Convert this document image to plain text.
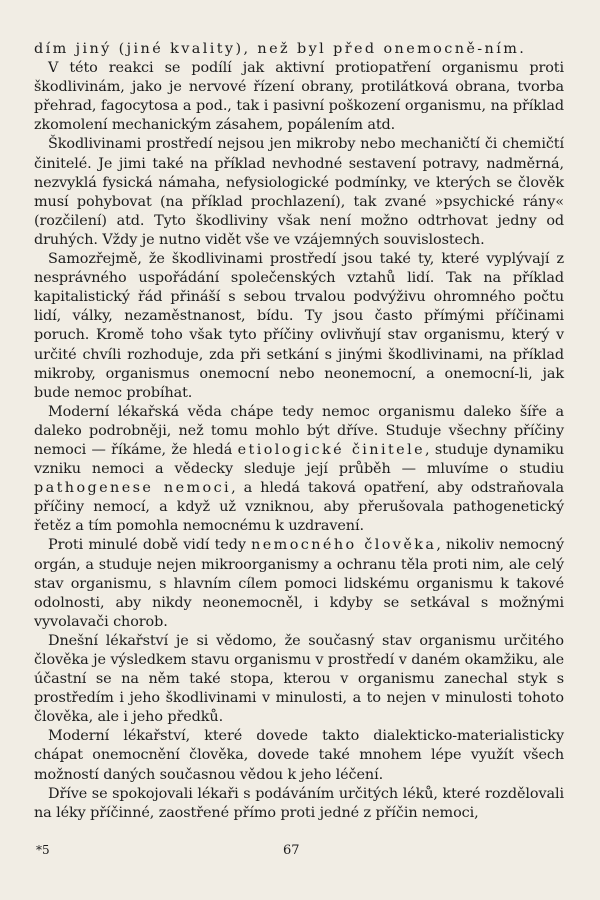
dím jiný (jiné kvality), než byl před onemocně-ním.

V této reakci se podílí jak aktivní protiopatření organismu proti škodlivinám, jako je nervové řízení obrany, protilátková obrana, tvorba přehrad, fagocytosa a pod., tak i pasivní poškození organismu, na příklad zkomolení mechanickým zásahem, popálením atd.

Škodlivinami prostředí nejsou jen mikroby nebo mechaničtí či chemičtí činitelé. Je jimi také na příklad nevhodné sestavení potravy, nadměrná, nezvyklá fysická námaha, nefysiologické podmínky, ve kterých se člověk musí pohybovat (na příklad prochlazení), tak zvané »psychické rány« (rozčilení) atd. Tyto škodliviny však není možno odtrhovat jedny od druhých. Vždy je nutno vidět vše ve vzájemných souvislostech.

Samozřejmě, že škodlivinami prostředí jsou také ty, které vyplývají z nesprávného uspořádání společenských vztahů lidí. Tak na příklad kapitalistický řád přináší s sebou trvalou podvýživu ohromného počtu lidí, války, nezaměstnanost, bídu. Ty jsou často přímými příčinami poruch. Kromě toho však tyto příčiny ovlivňují stav organismu, který v určité chvíli rozhoduje, zda při setkání s jinými škodlivinami, na příklad mikroby, organismus onemocní nebo neonemocní, a onemocní-li, jak bude nemoc probíhat.

Moderní lékařská věda chápe tedy nemoc organismu daleko šíře a daleko podrobněji, než tomu mohlo být dříve. Studuje všechny příčiny nemoci — říkáme, že hledá etiologické činitele, studuje dynamiku vzniku nemoci a vědecky sleduje její průběh — mluvíme o studiu pathogenese nemoci, a hledá taková opatření, aby odstraňovala příčiny nemocí, a když už vzniknou, aby přerušovala pathogenetický řetěz a tím pomohla nemocnému k uzdravení.

Proti minulé době vidí tedy nemocného člověka, nikoliv nemocný orgán, a studuje nejen mikroorganismy a ochranu těla proti nim, ale celý stav organismu, s hlavním cílem pomoci lidskému organismu k takové odolnosti, aby nikdy neonemocněl, i kdyby se setkával s možnými vyvolavači chorob.

Dnešní lékařství je si vědomo, že současný stav organismu určitého člověka je výsledkem stavu organismu v prostředí v daném okamžiku, ale účastní se na něm také stopa, kterou v organismu zanechal styk s prostředím i jeho škodlivinami v minulosti, a to nejen v minulosti tohoto člověka, ale i jeho předků.

Moderní lékařství, které dovede takto dialekticko-materialisticky chápat onemocnění člověka, dovede také mnohem lépe využít všech možností daných současnou vědou k jeho léčení.

Dříve se spokojovali lékaři s podáváním určitých léků, které rozdělovali na léky příčinné, zaostřené přímo proti jedné z příčin nemoci,

*5	67
